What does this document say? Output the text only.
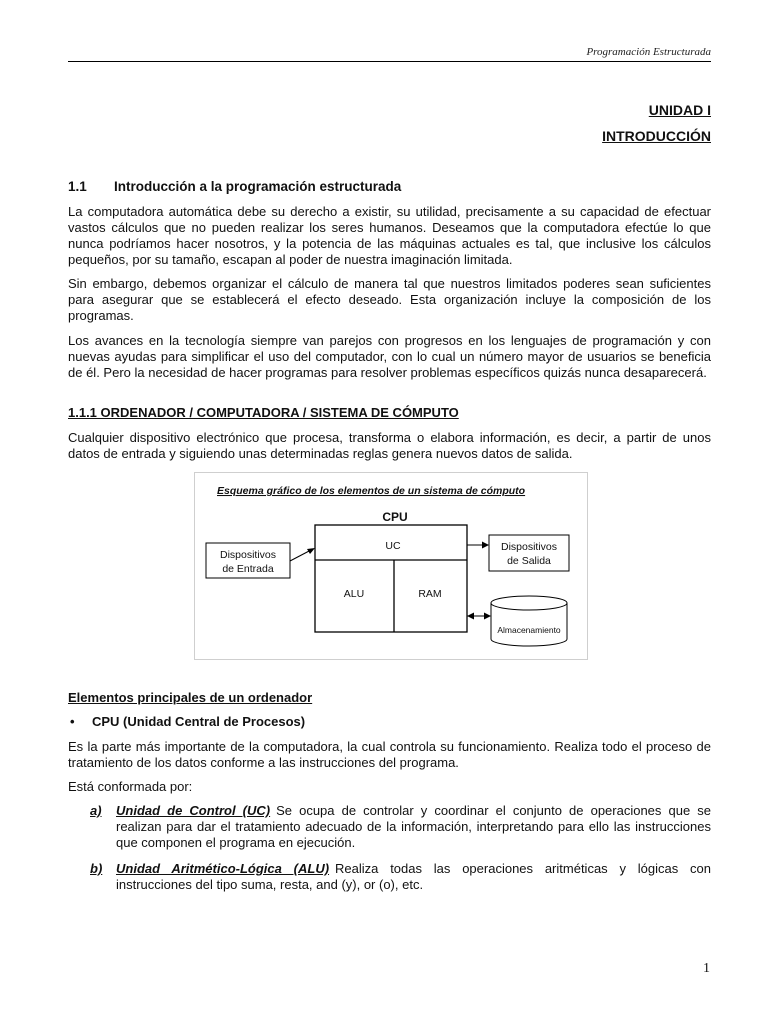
Programación Estructurada
UNIDAD I
INTRODUCCIÓN
1.1 Introducción a la programación estructurada

La computadora automática debe su derecho a existir, su utilidad, precisamente a su capacidad de efectuar vastos cálculos que no pueden realizar los seres humanos. Deseamos que la computadora efectúe lo que nunca podríamos hacer nosotros, y la potencia de las máquinas actuales es tal, que inclusive los cálculos pequeños, por su tamaño, escapan al poder de nuestra imaginación limitada.

Sin embargo, debemos organizar el cálculo de manera tal que nuestros limitados poderes sean suficientes para asegurar que se establecerá el efecto deseado. Esta organización incluye la composición de los programas.

Los avances en la tecnología siempre van parejos con progresos en los lenguajes de programación y con nuevas ayudas para simplificar el uso del computador, con lo cual un número mayor de usuarios se beneficia de él. Pero la necesidad de hacer programas para resolver problemas específicos quizás nunca desaparecerá.

1.1.1 ORDENADOR / COMPUTADORA / SISTEMA DE CÓMPUTO

Cualquier dispositivo electrónico que procesa, transforma o elabora información, es decir, a partir de unos datos de entrada y siguiendo unas determinadas reglas genera nuevos datos de salida.

Esquema gráfico de los elementos de un sistema de cómputo
CPU
UC
ALU	RAM
Dispositivos
de Entrada
Dispositivos
de Salida
Almacenamiento
Elementos principales de un ordenador
• CPU (Unidad Central de Procesos)

Es la parte más importante de la computadora, la cual controla su funcionamiento. Realiza todo el proceso de tratamiento de los datos conforme a las instrucciones del programa.

Está conformada por:

a) Unidad de Control (UC) Se ocupa de controlar y coordinar el conjunto de operaciones que se realizan para dar el tratamiento adecuado de la información, interpretando para ello las instrucciones que componen el programa en ejecución.
b) Unidad Aritmético-Lógica (ALU) Realiza todas las operaciones aritméticas y lógicas con instrucciones del tipo suma, resta, and (y), or (o), etc.
1
